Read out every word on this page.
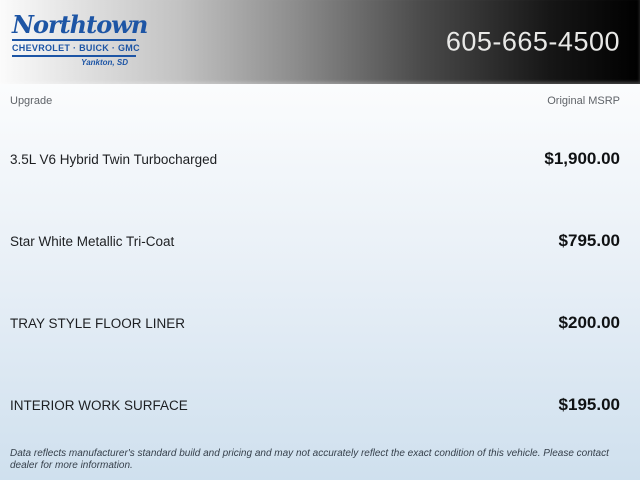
Northtown
CHEVROLET · BUICK · GMC
Yankton, SD
605-665-4500
Upgrade	Original MSRP
3.5L V6 Hybrid Twin Turbocharged	$1,900.00
Star White Metallic Tri-Coat	$795.00
TRAY STYLE FLOOR LINER	$200.00
INTERIOR WORK SURFACE	$195.00
Data reflects manufacturer's standard build and pricing and may not accurately reflect the exact condition of this vehicle. Please contact dealer for more information.
